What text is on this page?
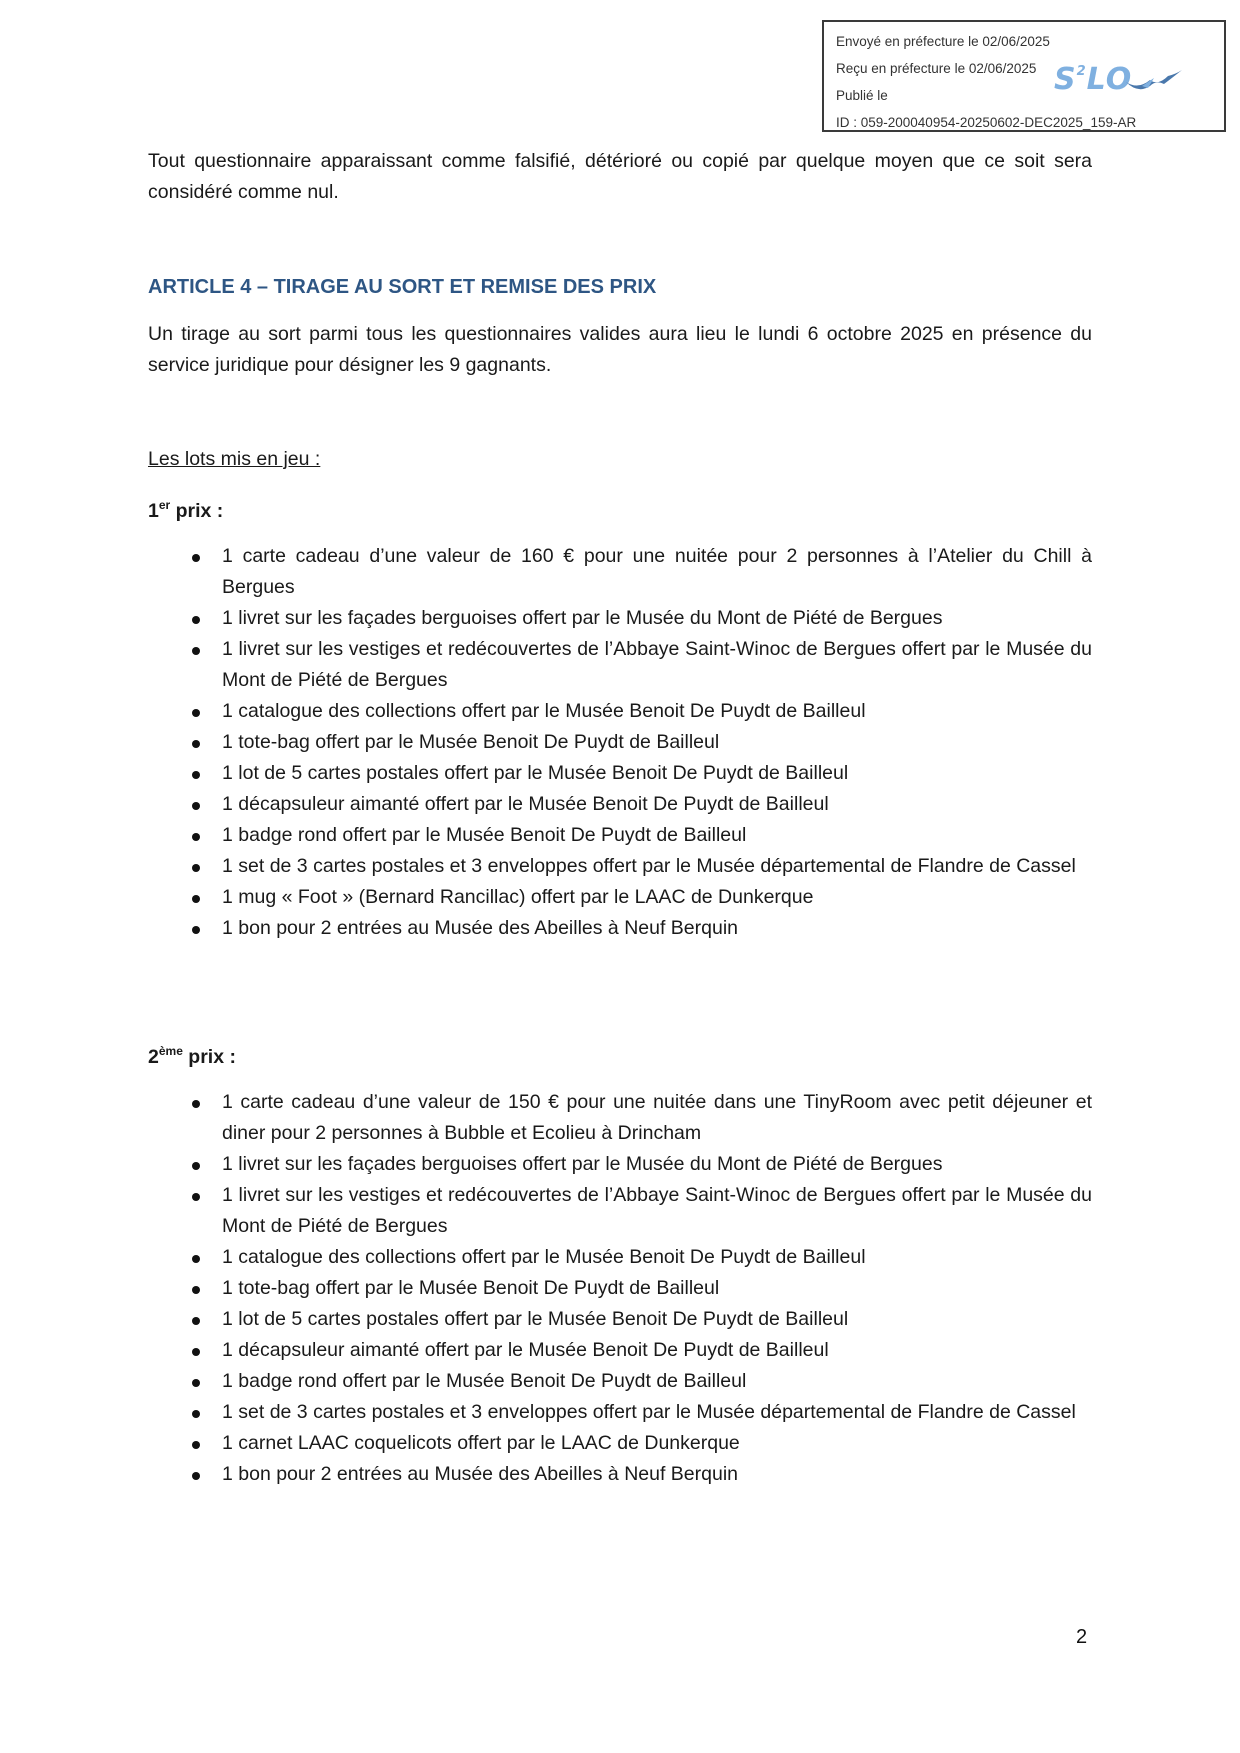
Envoyé en préfecture le 02/06/2025
Reçu en préfecture le 02/06/2025
Publié le
ID : 059-200040954-20250602-DEC2025_159-AR
$S^2LO$

Tout questionnaire apparaissant comme falsifié, détérioré ou copié par quelque moyen que ce soit sera considéré comme nul.

ARTICLE 4 – TIRAGE AU SORT ET REMISE DES PRIX

Un tirage au sort parmi tous les questionnaires valides aura lieu le lundi 6 octobre 2025 en présence du service juridique pour désigner les 9 gagnants.

Les lots mis en jeu :

1er prix :

1 carte cadeau d’une valeur de 160 € pour une nuitée pour 2 personnes à l’Atelier du Chill à Bergues
1 livret sur les façades berguoises offert par le Musée du Mont de Piété de Bergues
1 livret sur les vestiges et redécouvertes de l’Abbaye Saint-Winoc de Bergues offert par le Musée du Mont de Piété de Bergues
1 catalogue des collections offert par le Musée Benoit De Puydt de Bailleul
1 tote-bag offert par le Musée Benoit De Puydt de Bailleul
1 lot de 5 cartes postales offert par le Musée Benoit De Puydt de Bailleul
1 décapsuleur aimanté offert par le Musée Benoit De Puydt de Bailleul
1 badge rond offert par le Musée Benoit De Puydt de Bailleul
1 set de 3 cartes postales et 3 enveloppes offert par le Musée départemental de Flandre de Cassel
1 mug « Foot » (Bernard Rancillac) offert par le LAAC de Dunkerque
1 bon pour 2 entrées au Musée des Abeilles à Neuf Berquin

2ème prix :

1 carte cadeau d’une valeur de 150 € pour une nuitée dans une TinyRoom avec petit déjeuner et diner pour 2 personnes à Bubble et Ecolieu à Drincham
1 livret sur les façades berguoises offert par le Musée du Mont de Piété de Bergues
1 livret sur les vestiges et redécouvertes de l’Abbaye Saint-Winoc de Bergues offert par le Musée du Mont de Piété de Bergues
1 catalogue des collections offert par le Musée Benoit De Puydt de Bailleul
1 tote-bag offert par le Musée Benoit De Puydt de Bailleul
1 lot de 5 cartes postales offert par le Musée Benoit De Puydt de Bailleul
1 décapsuleur aimanté offert par le Musée Benoit De Puydt de Bailleul
1 badge rond offert par le Musée Benoit De Puydt de Bailleul
1 set de 3 cartes postales et 3 enveloppes offert par le Musée départemental de Flandre de Cassel
1 carnet LAAC coquelicots offert par le LAAC de Dunkerque
1 bon pour 2 entrées au Musée des Abeilles à Neuf Berquin
2
